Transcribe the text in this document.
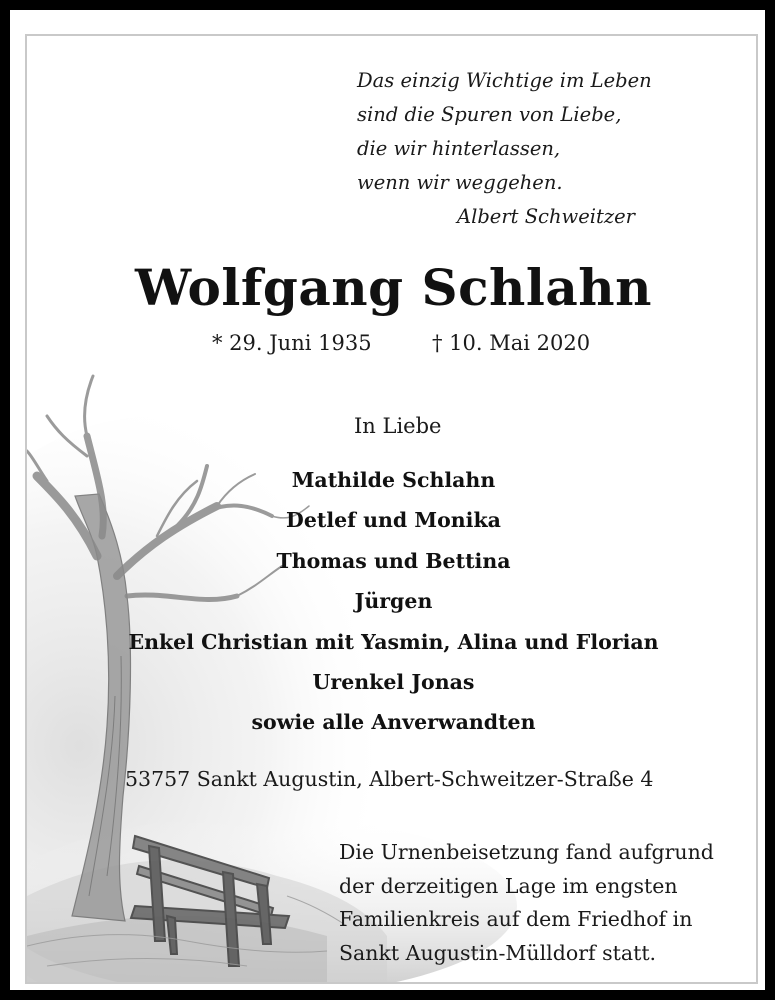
Das einzig Wichtige im Leben
sind die Spuren von Liebe,
die wir hinterlassen,
wenn wir weggehen.
Albert Schweitzer
Wolfgang Schlahn
* 29. Juni 1935	† 10. Mai 2020
In Liebe
Mathilde Schlahn
Detlef und Monika
Thomas und Bettina
Jürgen
Enkel Christian mit Yasmin, Alina und Florian
Urenkel Jonas
sowie alle Anverwandten
53757 Sankt Augustin, Albert-Schweitzer-Straße 4
Die Urnenbeisetzung fand aufgrund
der derzeitigen Lage im engsten
Familienkreis auf dem Friedhof in
Sankt Augustin-Mülldorf statt.
